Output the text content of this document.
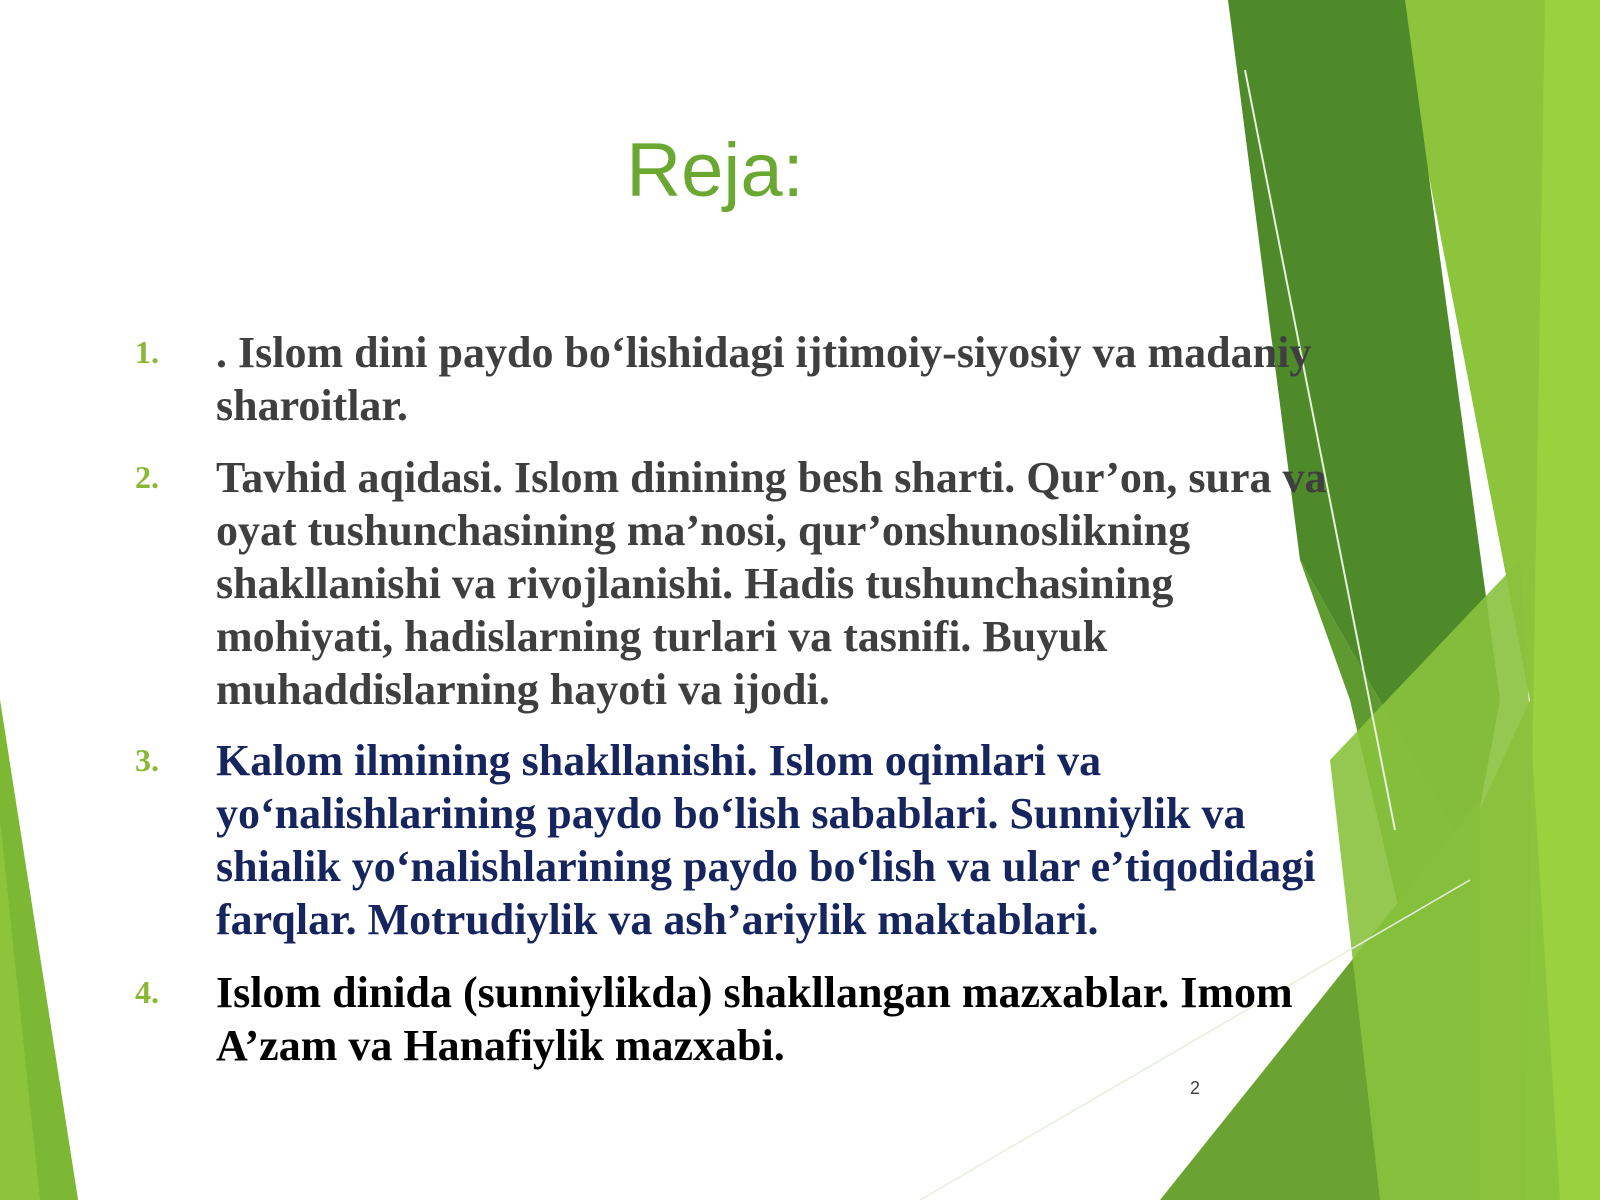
Reja:
1. . Islom dini paydo bo‘lishidagi ijtimoiy-siyosiy va madaniy
sharoitlar.
2. Tavhid aqidasi. Islom dinining besh sharti. Qur’on, sura va
oyat tushunchasining ma’nosi, qur’onshunoslikning
shakllanishi va rivojlanishi. Hadis tushunchasining
mohiyati, hadislarning turlari va tasnifi. Buyuk
muhaddislarning hayoti va ijodi.
3. Kalom ilmining shakllanishi. Islom oqimlari va
yo‘nalishlarining paydo bo‘lish sabablari. Sunniylik va
shialik yo‘nalishlarining paydo bo‘lish va ular e’tiqodidagi
farqlar. Motrudiylik va ash’ariylik maktablari.
4. Islom dinida (sunniylikda) shakllangan mazxablar. Imom
A’zam va Hanafiylik mazxabi.
2
